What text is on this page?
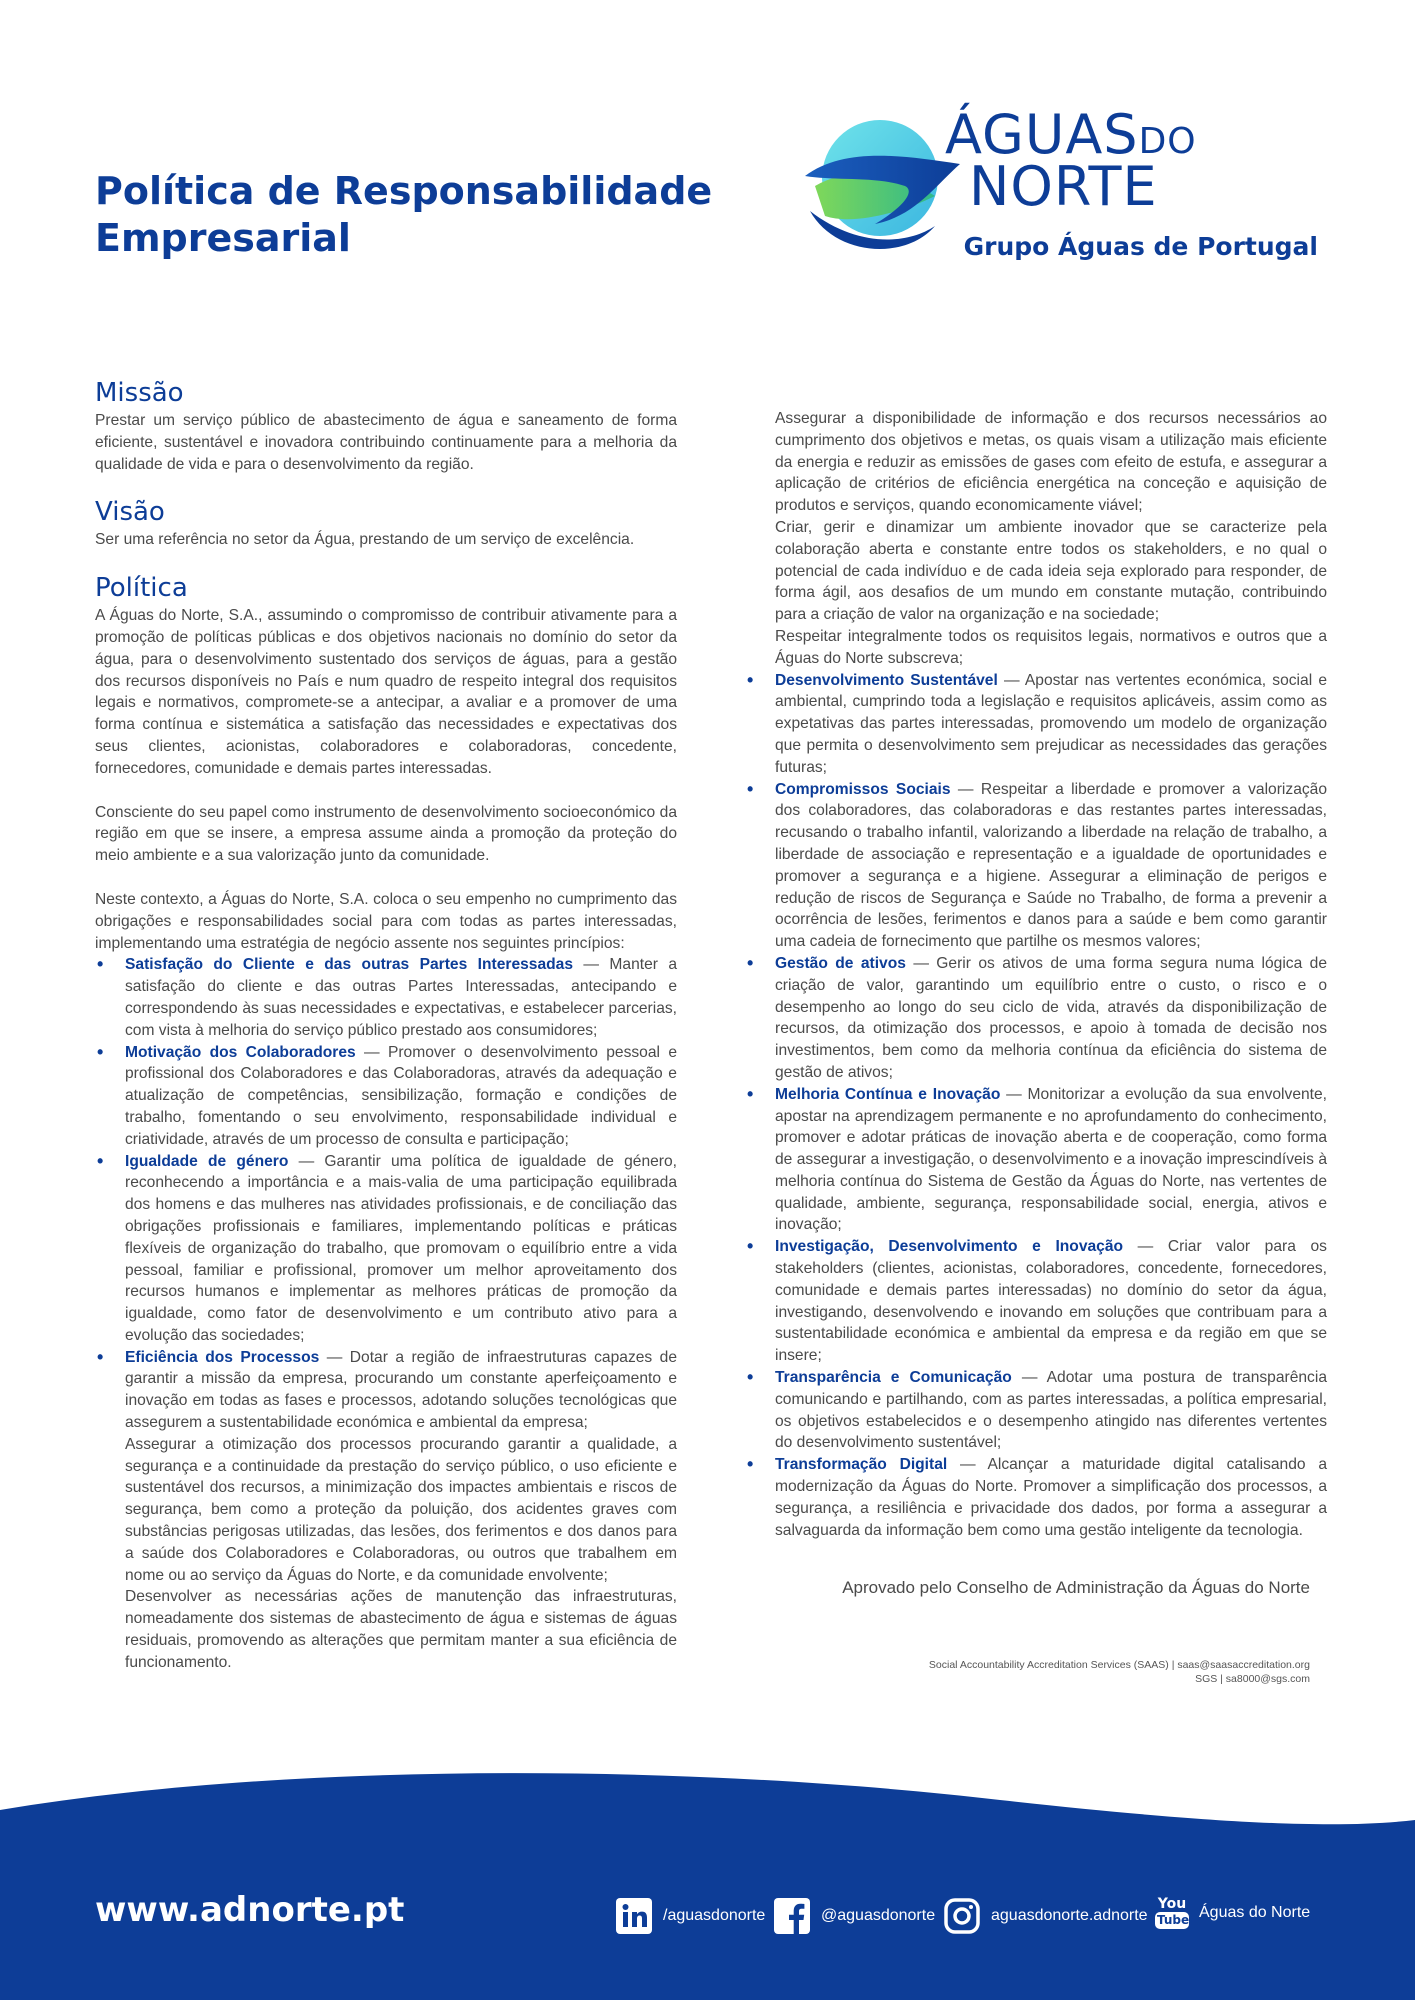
Política de Responsabilidade
Empresarial
ÁGUASDO
NORTE
Grupo Águas de Portugal
Missão

Prestar um serviço público de abastecimento de água e saneamento de forma eficiente, sustentável e inovadora contribuindo continuamente para a melhoria da qualidade de vida e para o desenvolvimento da região.

Visão

Ser uma referência no setor da Água, prestando de um serviço de excelência.

Política

A Águas do Norte, S.A., assumindo o compromisso de contribuir ativamente para a promoção de políticas públicas e dos objetivos nacionais no domínio do setor da água, para o desenvolvimento sustentado dos serviços de águas, para a gestão dos recursos disponíveis no País e num quadro de respeito integral dos requisitos legais e normativos, compromete-se a antecipar, a avaliar e a promover de uma forma contínua e sistemática a satisfação das necessidades e expectativas dos seus clientes, acionistas, colaboradores e colaboradoras, concedente, fornecedores, comunidade e demais partes interessadas.

Consciente do seu papel como instrumento de desenvolvimento socioeconómico da região em que se insere, a empresa assume ainda a promoção da proteção do meio ambiente e a sua valorização junto da comunidade.

Neste contexto, a Águas do Norte, S.A. coloca o seu empenho no cumprimento das obrigações e responsabilidades social para com todas as partes interessadas, implementando uma estratégia de negócio assente nos seguintes princípios:

• Satisfação do Cliente e das outras Partes Interessadas — Manter a satisfação do cliente e das outras Partes Interessadas, antecipando e correspondendo às suas necessidades e expectativas, e estabelecer parcerias, com vista à melhoria do serviço público prestado aos consumidores;
• Motivação dos Colaboradores — Promover o desenvolvimento pessoal e profissional dos Colaboradores e das Colaboradoras, através da adequação e atualização de competências, sensibilização, formação e condições de trabalho, fomentando o seu envolvimento, responsabilidade individual e criatividade, através de um processo de consulta e participação;
• Igualdade de género — Garantir uma política de igualdade de género, reconhecendo a importância e a mais-valia de uma participação equilibrada dos homens e das mulheres nas atividades profissionais, e de conciliação das obrigações profissionais e familiares, implementando políticas e práticas flexíveis de organização do trabalho, que promovam o equilíbrio entre a vida pessoal, familiar e profissional, promover um melhor aproveitamento dos recursos humanos e implementar as melhores práticas de promoção da igualdade, como fator de desenvolvimento e um contributo ativo para a evolução das sociedades;
• Eficiência dos Processos — Dotar a região de infraestruturas capazes de garantir a missão da empresa, procurando um constante aperfeiçoamento e inovação em todas as fases e processos, adotando soluções tecnológicas que assegurem a sustentabilidade económica e ambiental da empresa;
Assegurar a otimização dos processos procurando garantir a qualidade, a segurança e a continuidade da prestação do serviço público, o uso eficiente e sustentável dos recursos, a minimização dos impactes ambientais e riscos de segurança, bem como a proteção da poluição, dos acidentes graves com substâncias perigosas utilizadas, das lesões, dos ferimentos e dos danos para a saúde dos Colaboradores e Colaboradoras, ou outros que trabalhem em nome ou ao serviço da Águas do Norte, e da comunidade envolvente;
Desenvolver as necessárias ações de manutenção das infraestruturas, nomeadamente dos sistemas de abastecimento de água e sistemas de águas residuais, promovendo as alterações que permitam manter a sua eficiência de funcionamento.
Assegurar a disponibilidade de informação e dos recursos necessários ao cumprimento dos objetivos e metas, os quais visam a utilização mais eficiente da energia e reduzir as emissões de gases com efeito de estufa, e assegurar a aplicação de critérios de eficiência energética na conceção e aquisição de produtos e serviços, quando economicamente viável;
Criar, gerir e dinamizar um ambiente inovador que se caracterize pela colaboração aberta e constante entre todos os stakeholders, e no qual o potencial de cada indivíduo e de cada ideia seja explorado para responder, de forma ágil, aos desafios de um mundo em constante mutação, contribuindo para a criação de valor na organização e na sociedade;
Respeitar integralmente todos os requisitos legais, normativos e outros que a Águas do Norte subscreva;
• Desenvolvimento Sustentável — Apostar nas vertentes económica, social e ambiental, cumprindo toda a legislação e requisitos aplicáveis, assim como as expetativas das partes interessadas, promovendo um modelo de organização que permita o desenvolvimento sem prejudicar as necessidades das gerações futuras;
• Compromissos Sociais — Respeitar a liberdade e promover a valorização dos colaboradores, das colaboradoras e das restantes partes interessadas, recusando o trabalho infantil, valorizando a liberdade na relação de trabalho, a liberdade de associação e representação e a igualdade de oportunidades e promover a segurança e a higiene. Assegurar a eliminação de perigos e redução de riscos de Segurança e Saúde no Trabalho, de forma a prevenir a ocorrência de lesões, ferimentos e danos para a saúde e bem como garantir uma cadeia de fornecimento que partilhe os mesmos valores;
• Gestão de ativos — Gerir os ativos de uma forma segura numa lógica de criação de valor, garantindo um equilíbrio entre o custo, o risco e o desempenho ao longo do seu ciclo de vida, através da disponibilização de recursos, da otimização dos processos, e apoio à tomada de decisão nos investimentos, bem como da melhoria contínua da eficiência do sistema de gestão de ativos;
• Melhoria Contínua e Inovação — Monitorizar a evolução da sua envolvente, apostar na aprendizagem permanente e no aprofundamento do conhecimento, promover e adotar práticas de inovação aberta e de cooperação, como forma de assegurar a investigação, o desenvolvimento e a inovação imprescindíveis à melhoria contínua do Sistema de Gestão da Águas do Norte, nas vertentes de qualidade, ambiente, segurança, responsabilidade social, energia, ativos e inovação;
• Investigação, Desenvolvimento e Inovação — Criar valor para os stakeholders (clientes, acionistas, colaboradores, concedente, fornecedores, comunidade e demais partes interessadas) no domínio do setor da água, investigando, desenvolvendo e inovando em soluções que contribuam para a sustentabilidade económica e ambiental da empresa e da região em que se insere;
• Transparência e Comunicação — Adotar uma postura de transparência comunicando e partilhando, com as partes interessadas, a política empresarial, os objetivos estabelecidos e o desempenho atingido nas diferentes vertentes do desenvolvimento sustentável;
• Transformação Digital — Alcançar a maturidade digital catalisando a modernização da Águas do Norte. Promover a simplificação dos processos, a segurança, a resiliência e privacidade dos dados, por forma a assegurar a salvaguarda da informação bem como uma gestão inteligente da tecnologia.
Aprovado pelo Conselho de Administração da Águas do Norte
Social Accountability Accreditation Services (SAAS) | saas@saasaccreditation.org
SGS | sa8000@sgs.com
www.adnorte.pt	/aguasdonorte	@aguasdonorte	aguasdonorte.adnorte
You
Tube Águas do Norte
